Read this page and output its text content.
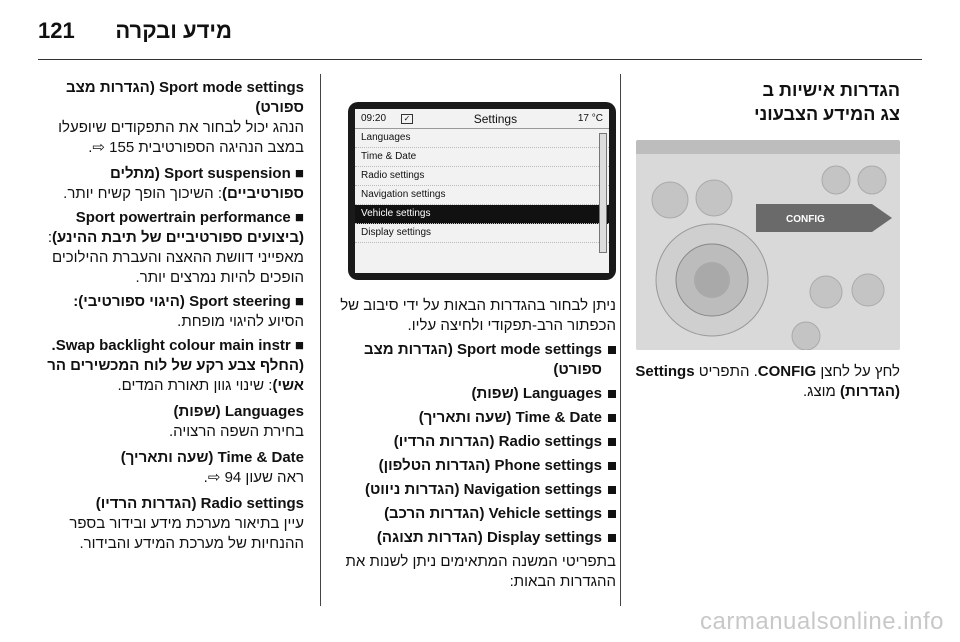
מידע ובקרה
121
הגדרות אישיות ב
צג המידע הצבעוני
CONFIG
לחץ על לחצן CONFIG. התפריט Settings (הגדרות) מוצג.
09:20	✓	Settings	17 °C
Languages
Time & Date
Radio settings
Navigation settings
Vehicle settings
Display settings
ניתן לבחור בהגדרות הבאות על ידי סיבוב של הכפתור הרב-תפקודי ולחיצה עליו.
Sport mode settings (הגדרות מצב ספורט)
Languages (שפות)
Time & Date (שעה ותאריך)
Radio settings (הגדרות הרדיו)
Phone settings (הגדרות הטלפון)
Navigation settings (הגדרות ניווט)
Vehicle settings (הגדרות הרכב)
Display settings (הגדרות תצוגה)
בתפריטי המשנה המתאימים ניתן לשנות את ההגדרות הבאות:
Sport mode settings (הגדרות מצב ספורט)
הנהג יכול לבחור את התפקודים שיופעלו במצב הנהיגה הספורטיבית 155 ⇨.
■ Sport suspension (מתלים ספורטיביים): השיכוך הופך קשיח יותר.
■ Sport powertrain performance (ביצועים ספורטיביים של תיבת ההינע): מאפייני דוושת ההאצה והעברת ההילוכים הופכים להיות נמרצים יותר.
■ Sport steering (היגוי ספורטיבי): הסיוע להיגוי מופחת.
■ Swap backlight colour main instr. (החלף צבע רקע של לוח המכשירים הר אשי): שינוי גוון תאורת המדים.
Languages (שפות)
בחירת השפה הרצויה.
Time & Date (שעה ותאריך)
ראה שעון 94 ⇨.
Radio settings (הגדרות הרדיו)
עיין בתיאור מערכת מידע ובידור בספר ההנחיות של מערכת המידע והבידור.
carmanualsonline.info
